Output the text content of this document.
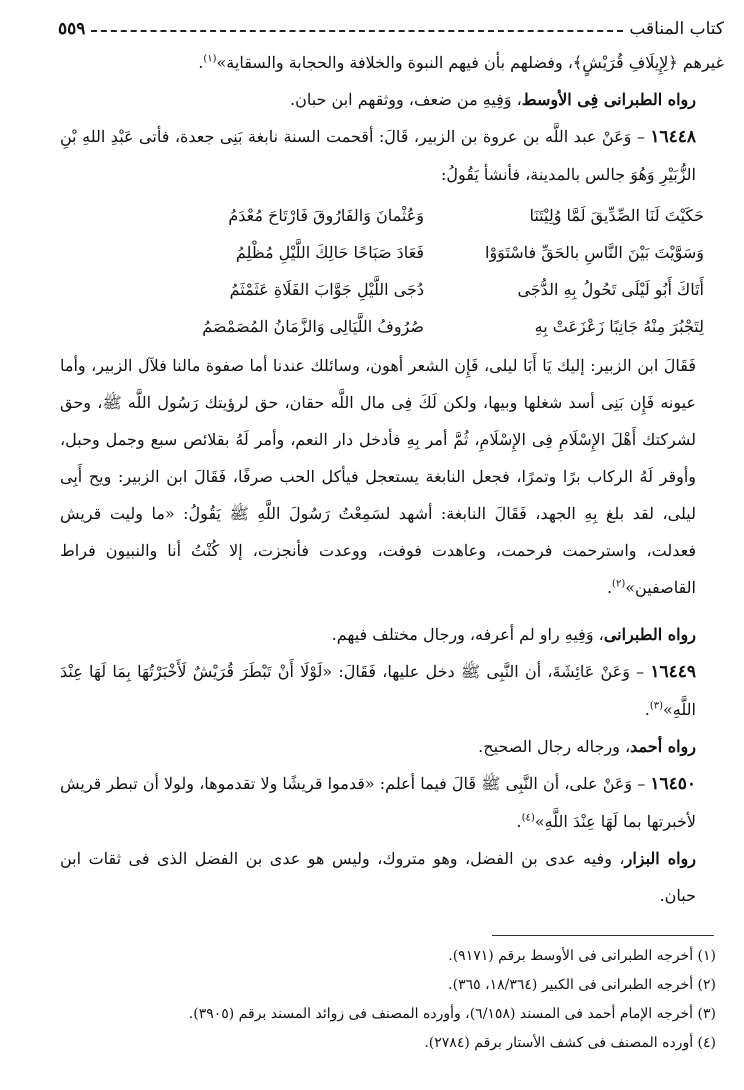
كتاب المناقب
٥٥٩

غيرهم ﴿لِإِيلَافِ قُرَيْشٍ﴾، وفضلهم بأن فيهم النبوة والخلافة والحجابة والسقاية»$^{(١)}$.

رواه الطبرانى فِى الأوسط، وَفِيهِ من ضعف، ووثقهم ابن حبان.

١٦٤٤٨ – وَعَنْ عبد اللَّه بن عروة بن الزبير، قَالَ: أقحمت السنة نابغة بَنِى جعدة، فأتى عَبْدِ اللهِ بْنِ الزُّبَيْرِ وَهُوَ جالس بالمدينة، فأنشأ يَقُولُ:

حَكَيْتَ لَنَا الصِّدِّيقَ لَمَّا وُلِيْتَنَا
وَعُثْمانَ وَالفَارُوقَ فَارْتَاحَ مُعْدَمُ
وَسَوَّيْتَ بَيْنَ النَّاسِ بالحَقِّ فاسْتَوَوْا
فَعَادَ صَبَاحًا حَالِكَ اللَّيْلِ مُظْلِمُ
أَتَاكَ أَبُو لَيْلَى تَحُولُ بِهِ الدُّجَى
دُجَى اللَّيْلِ جَوَّابَ الفَلَاةِ عَثَمْثَمُ
لِتَجْبُرَ مِنْهُ جَانِبًا زَعْزَعَتْ بِهِ
صُرُوفُ اللَّيَالِى وَالزَّمَانُ المُصَمْصَمُ

فَقَالَ ابن الزبير: إليك يَا أَبَا ليلى، فَإِن الشعر أهون، وسائلك عندنا أما صفوة مالنا فلآل الزبير، وأما عيونه فَإِن بَنِى أسد شغلها وبيها، ولكن لَكَ فِى مال اللَّه حقان، حق لرؤيتك رَسُول اللَّه ﷺ، وحق لشركتك أَهْلَ الإِسْلَامِ فِى الإِسْلَامِ، ثُمَّ أمر بِهِ فأدخل دار النعم، وأمر لَهُ بقلائص سبع وجمل وحبل، وأوقر لَهُ الركاب برًا وتمرًا، فجعل النابغة يستعجل فيأكل الحب صرفًا، فَقَالَ ابن الزبير: ويح أَبِى ليلى، لقد بلغ بِهِ الجهد، فَقَالَ النابغة: أشهد لسَمِعْتُ رَسُولَ اللَّهِ ﷺ يَقُولُ: «ما وليت قريش فعدلت، واسترحمت فرحمت، وعاهدت فوفت، ووعدت فأنجزت، إلا كُنْتُ أنا والنبيون فراط القاصفين»$^{(٢)}$.

رواه الطبرانى، وَفِيهِ راو لم أعرفه، ورجال مختلف فيهم.

١٦٤٤٩ – وَعَنْ عَائِشَةَ، أن النَّبِى ﷺ دخل عليها، فَقَالَ: «لَوْلَا أَنْ تَبْطَرَ قُرَيْشٌ لَأَخْبَرْتُهَا بِمَا لَهَا عِنْدَ اللَّهِ»$^{(٣)}$.

رواه أحمد، ورجاله رجال الصحيح.

١٦٤٥٠ – وَعَنْ على، أن النَّبِى ﷺ قَالَ فيما أعلم: «قدموا قريشًا ولا تقدموها، ولولا أن تبطر قريش لأخبرتها بما لَهَا عِنْدَ اللَّهِ»$^{(٤)}$.

رواه البزار، وفيه عدى بن الفضل، وهو متروك، وليس هو عدى بن الفضل الذى فى ثقات ابن حبان.

(١) أخرجه الطبرانى فى الأوسط برقم (٩١٧١).

(٢) أخرجه الطبرانى فى الكبير (١٨/٣٦٤، ٣٦٥).

(٣) أخرجه الإمام أحمد فى المسند (٦/١٥٨)، وأورده المصنف فى زوائد المسند برقم (٣٩٠٥).

(٤) أورده المصنف فى كشف الأستار برقم (٢٧٨٤).
